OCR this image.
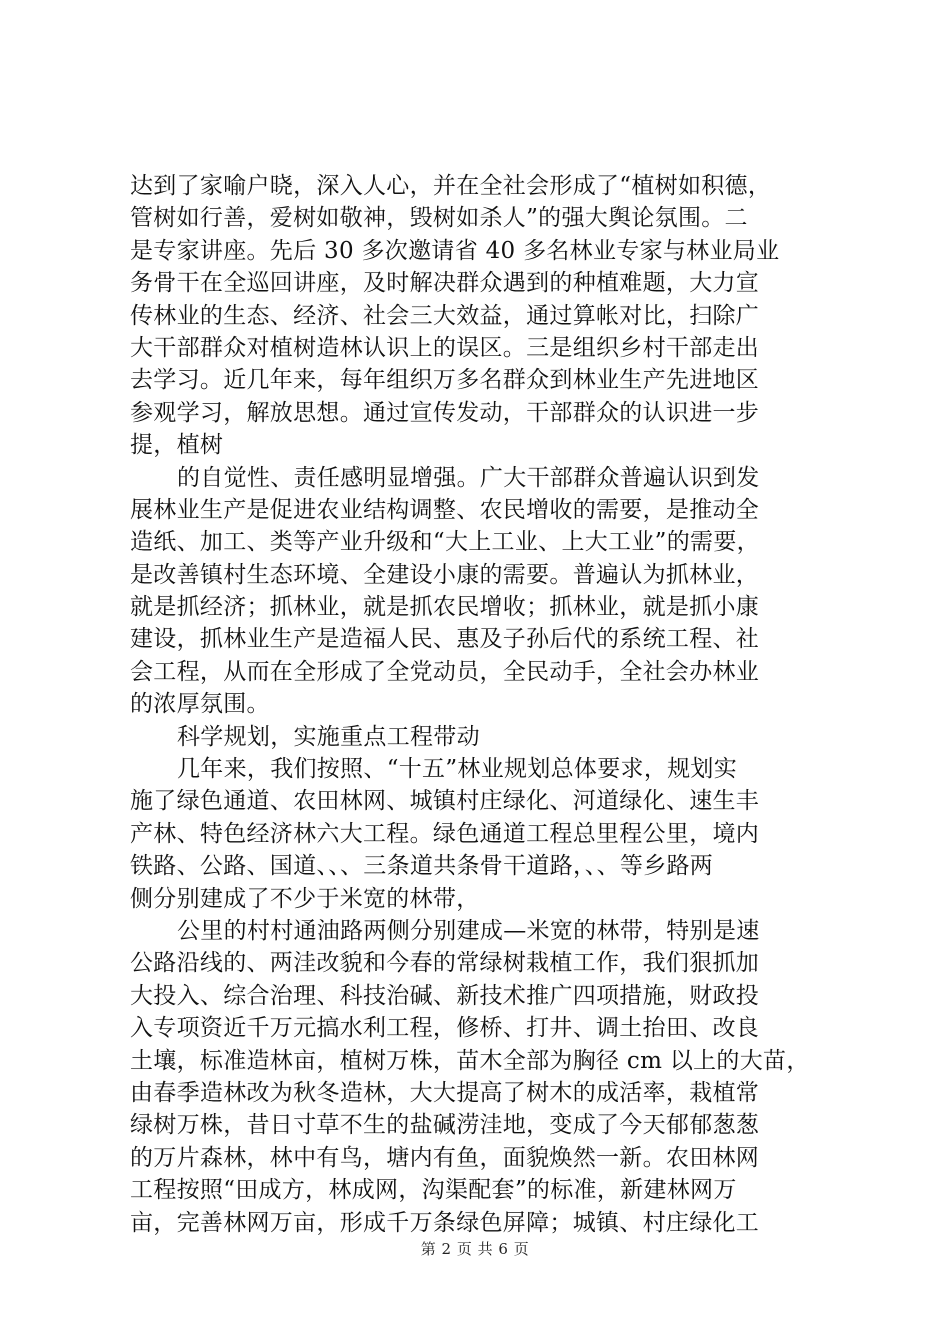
达到了家喻户晓，深入人心，并在全社会形成了“植树如积德，
管树如行善，爱树如敬神，毁树如杀人”的强大舆论氛围。二
是专家讲座。先后 30 多次邀请省 40 多名林业专家与林业局业
务骨干在全巡回讲座，及时解决群众遇到的种植难题，大力宣
传林业的生态、经济、社会三大效益，通过算帐对比，扫除广
大干部群众对植树造林认识上的误区。三是组织乡村干部走出
去学习。近几年来，每年组织万多名群众到林业生产先进地区
参观学习，解放思想。通过宣传发动，干部群众的认识进一步
提，植树
的自觉性、责任感明显增强。广大干部群众普遍认识到发
展林业生产是促进农业结构调整、农民增收的需要，是推动全
造纸、加工、类等产业升级和“大上工业、上大工业”的需要，
是改善镇村生态环境、全建设小康的需要。普遍认为抓林业，
就是抓经济；抓林业，就是抓农民增收；抓林业，就是抓小康
建设，抓林业生产是造福人民、惠及子孙后代的系统工程、社
会工程，从而在全形成了全党动员，全民动手，全社会办林业
的浓厚氛围。
科学规划，实施重点工程带动
几年来，我们按照、“十五”林业规划总体要求，规划实
施了绿色通道、农田林网、城镇村庄绿化、河道绿化、速生丰
产林、特色经济林六大工程。绿色通道工程总里程公里，境内
铁路、公路、国道、、、三条道共条骨干道路，、、等乡路两
侧分别建成了不少于米宽的林带，
公里的村村通油路两侧分别建成—米宽的林带，特别是速
公路沿线的、两洼改貌和今春的常绿树栽植工作，我们狠抓加
大投入、综合治理、科技治碱、新技术推广四项措施，财政投
入专项资近千万元搞水利工程，修桥、打井、调土抬田、改良
土壤，标准造林亩，植树万株，苗木全部为胸径 cm 以上的大苗，
由春季造林改为秋冬造林，大大提高了树木的成活率，栽植常
绿树万株，昔日寸草不生的盐碱涝洼地，变成了今天郁郁葱葱
的万片森林，林中有鸟，塘内有鱼，面貌焕然一新。农田林网
工程按照“田成方，林成网，沟渠配套”的标准，新建林网万
亩，完善林网万亩，形成千万条绿色屏障；城镇、村庄绿化工
第 2 页 共 6 页
